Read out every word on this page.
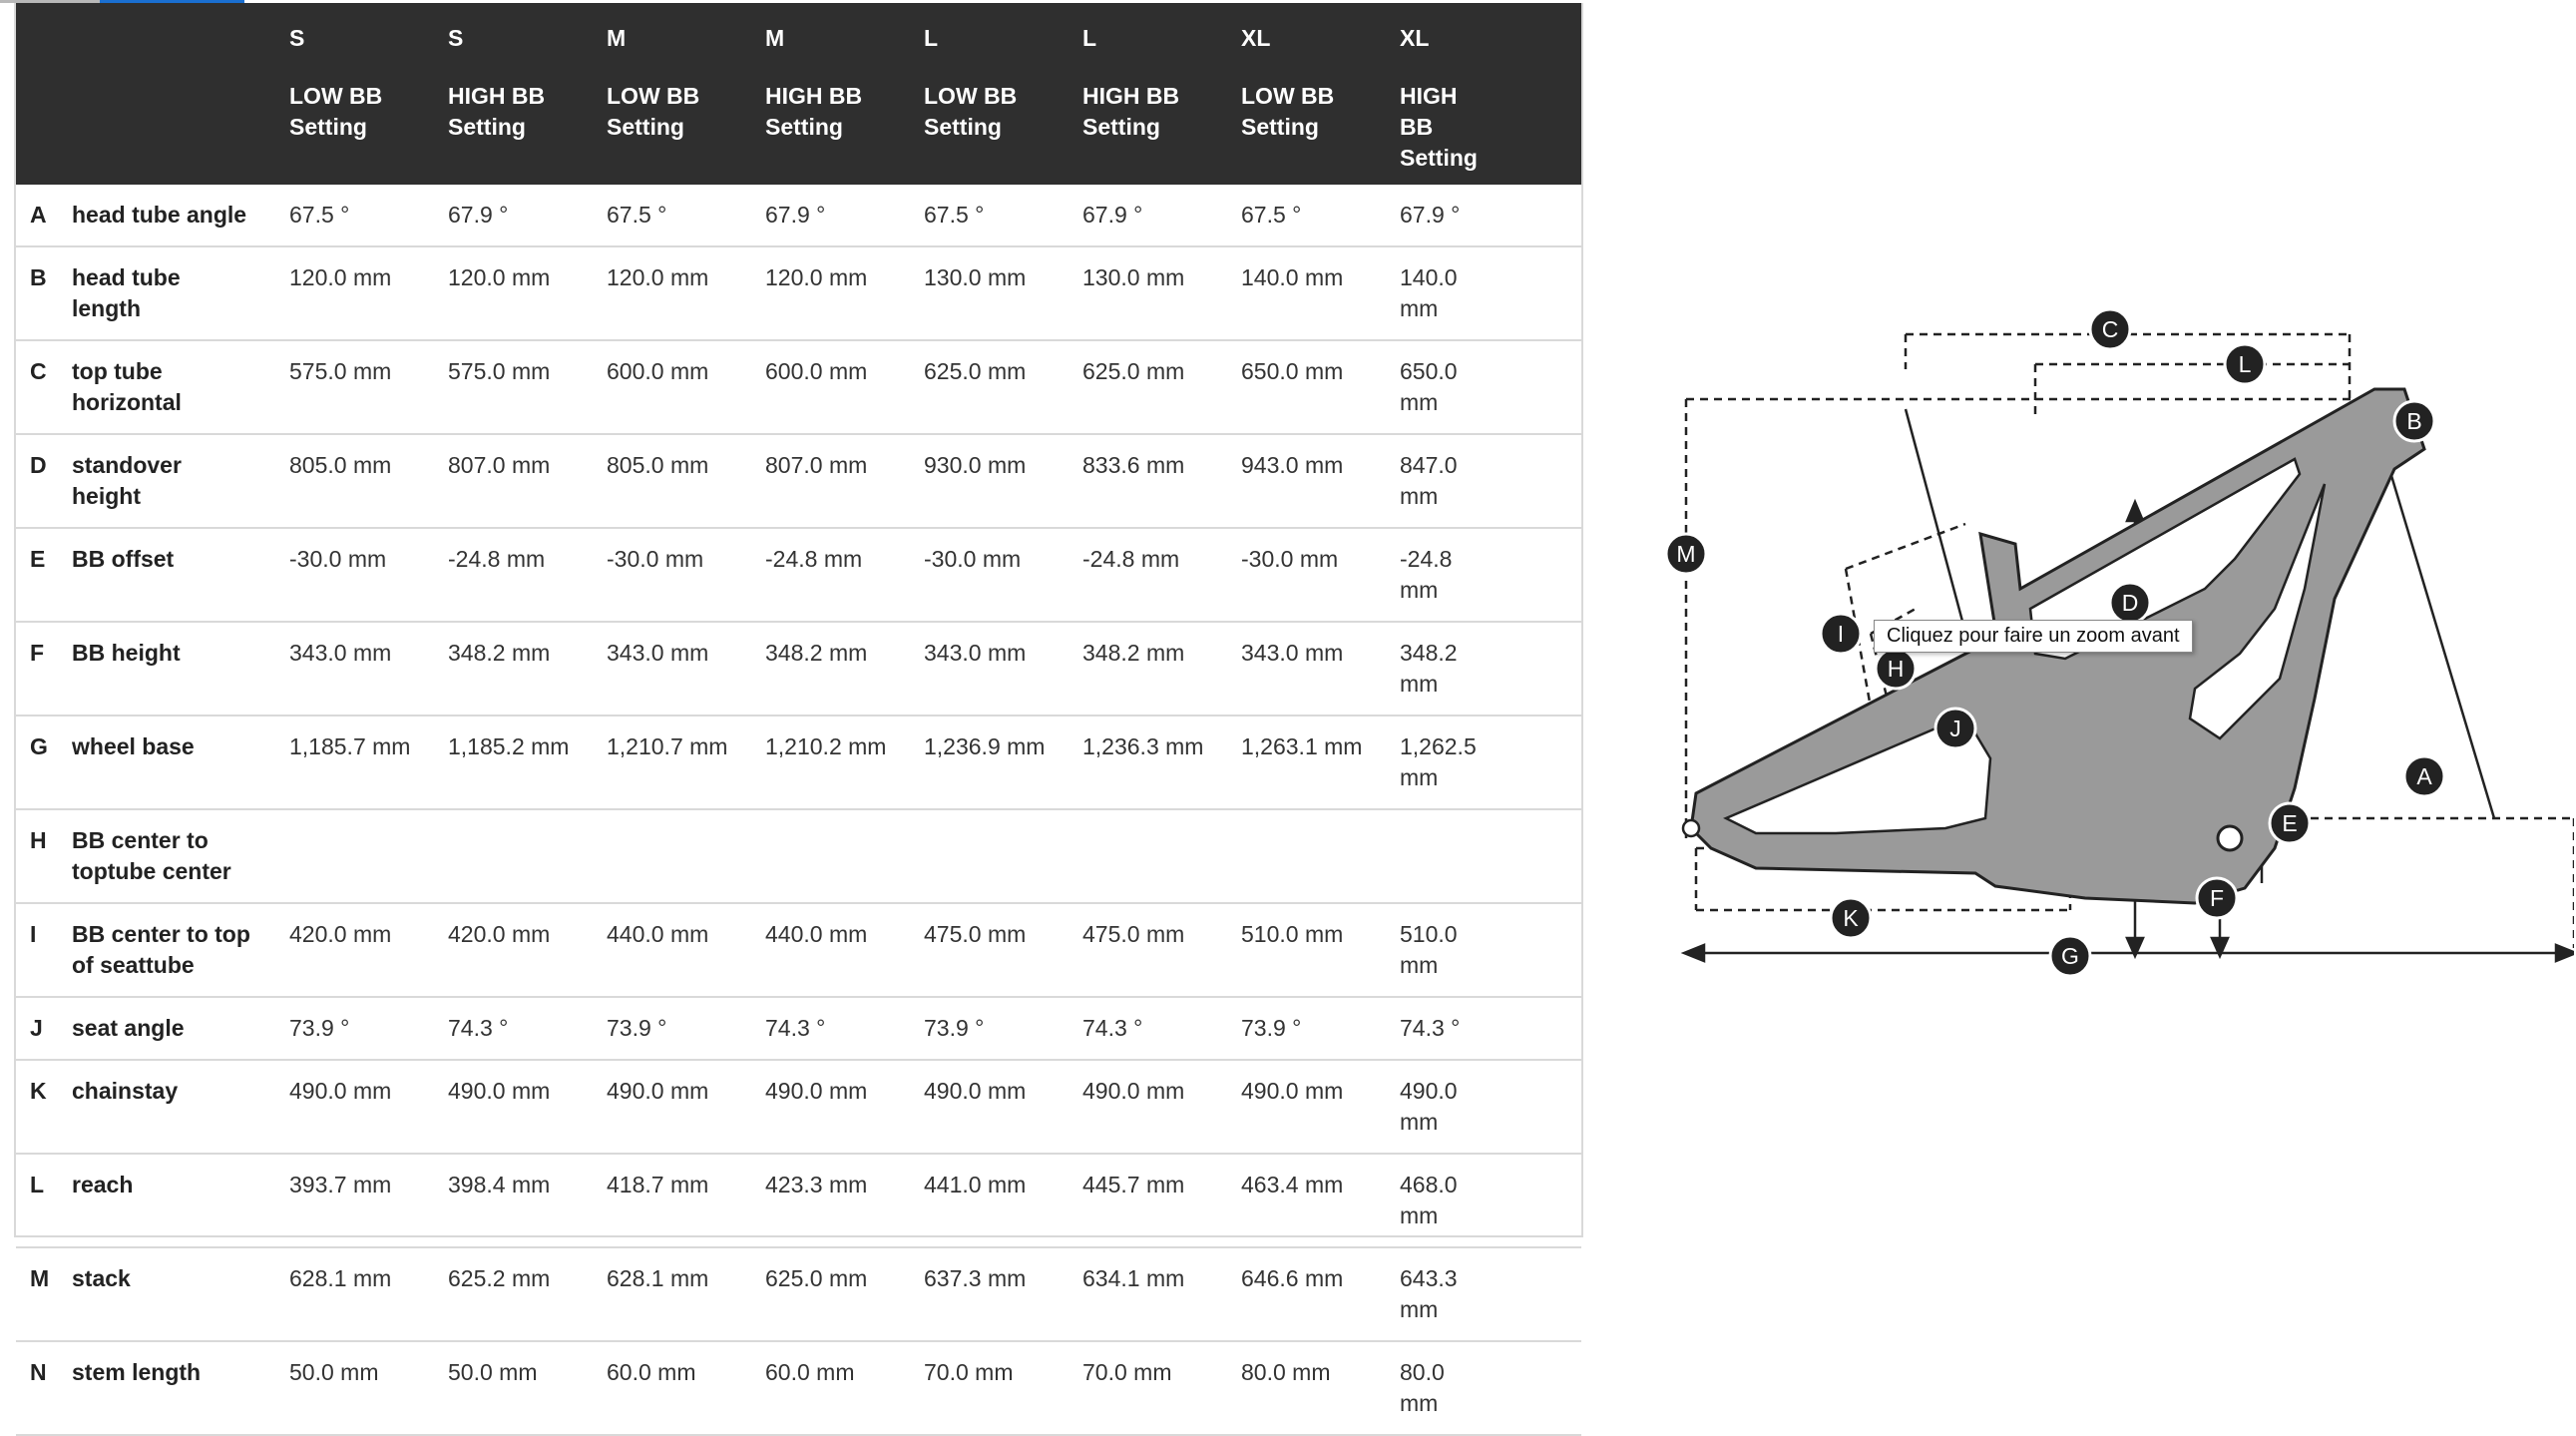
		S
LOW BB
Setting	S
HIGH BB
Setting	M
LOW BB
Setting	M
HIGH BB
Setting	L
LOW BB
Setting	L
HIGH BB
Setting	XL
LOW BB
Setting	XL
HIGH
BB
Setting	

A	head tube angle	67.5 °	67.9 °	67.5 °	67.9 °	67.5 °	67.9 °	67.5 °	67.9 °	
B	head tube
length	120.0 mm	120.0 mm	120.0 mm	120.0 mm	130.0 mm	130.0 mm	140.0 mm	140.0 mm	
C	top tube
horizontal	575.0 mm	575.0 mm	600.0 mm	600.0 mm	625.0 mm	625.0 mm	650.0 mm	650.0 mm	
D	standover
height	805.0 mm	807.0 mm	805.0 mm	807.0 mm	930.0 mm	833.6 mm	943.0 mm	847.0 mm	
E	BB offset	-30.0 mm	-24.8 mm	-30.0 mm	-24.8 mm	-30.0 mm	-24.8 mm	-30.0 mm	-24.8 mm	
F	BB height	343.0 mm	348.2 mm	343.0 mm	348.2 mm	343.0 mm	348.2 mm	343.0 mm	348.2 mm	
G	wheel base	1,185.7 mm	1,185.2 mm	1,210.7 mm	1,210.2 mm	1,236.9 mm	1,236.3 mm	1,263.1 mm	1,262.5 mm	
H	BB center to
toptube center									

I	BB center to top
of seattube	420.0 mm	420.0 mm	440.0 mm	440.0 mm	475.0 mm	475.0 mm	510.0 mm	510.0 mm	
J	seat angle	73.9 °	74.3 °	73.9 °	74.3 °	73.9 °	74.3 °	73.9 °	74.3 °	
K	chainstay	490.0 mm	490.0 mm	490.0 mm	490.0 mm	490.0 mm	490.0 mm	490.0 mm	490.0 mm	
L	reach	393.7 mm	398.4 mm	418.7 mm	423.3 mm	441.0 mm	445.7 mm	463.4 mm	468.0 mm	
M	stack	628.1 mm	625.2 mm	628.1 mm	625.0 mm	637.3 mm	634.1 mm	646.6 mm	643.3 mm	
N	stem length	50.0 mm	50.0 mm	60.0 mm	60.0 mm	70.0 mm	70.0 mm	80.0 mm	80.0 mm	
A
B
C
D
E
F
G
H
I
J
K
L
M
Cliquez pour faire un zoom avant
